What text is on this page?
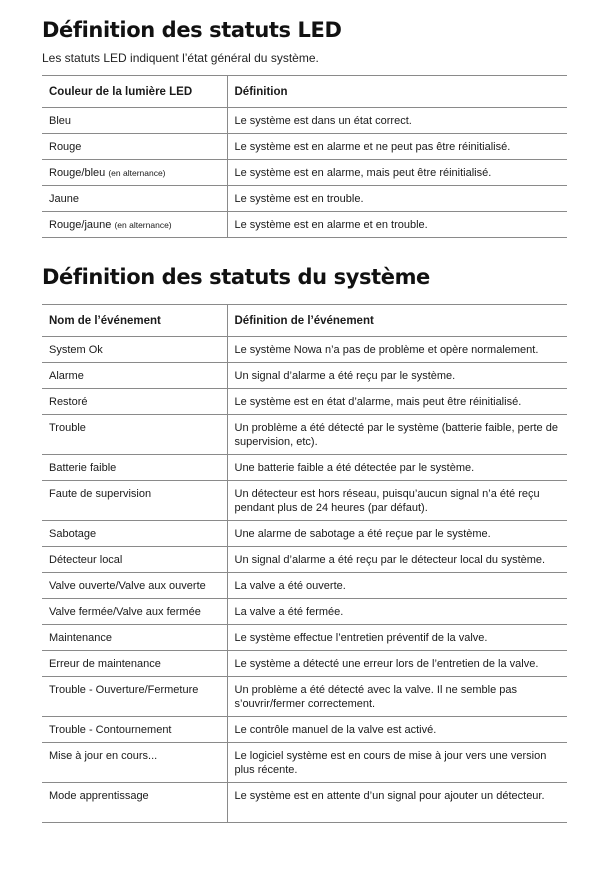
Définition des statuts LED
Les statuts LED indiquent l’état général du système.
Couleur de la lumière LED	Définition
Bleu	Le système est dans un état correct.
Rouge	Le système est en alarme et ne peut pas être réinitialisé.
Rouge/bleu (en alternance)	Le système est en alarme, mais peut être réinitialisé.
Jaune	Le système est en trouble.
Rouge/jaune (en alternance)	Le système est en alarme et en trouble.
Définition des statuts du système
Nom de l’événement	Définition de l’événement
System Ok	Le système Nowa n’a pas de problème et opère normalement.
Alarme	Un signal d’alarme a été reçu par le système.
Restoré	Le système est en état d’alarme, mais peut être réinitialisé.
Trouble	Un problème a été détecté par le système (batterie faible, perte de supervision, etc).
Batterie faible	Une batterie faible a été détectée par le système.
Faute de supervision	Un détecteur est hors réseau, puisqu’aucun signal n’a été reçu pendant plus de 24 heures (par défaut).
Sabotage	Une alarme de sabotage a été reçue par le système.
Détecteur local	Un signal d’alarme a été reçu par le détecteur local du système.
Valve ouverte/Valve aux ouverte	La valve a été ouverte.
Valve fermée/Valve aux fermée	La valve a été fermée.
Maintenance	Le système effectue l’entretien préventif de la valve.
Erreur de maintenance	Le système a détecté une erreur lors de l’entretien de la valve.
Trouble - Ouverture/Fermeture	Un problème a été détecté avec la valve. Il ne semble pas s’ouvrir/fermer correctement.
Trouble - Contournement	Le contrôle manuel de la valve est activé.
Mise à jour en cours...	Le logiciel système est en cours de mise à jour vers une version plus récente.
Mode apprentissage	Le système est en attente d’un signal pour ajouter un détecteur.
